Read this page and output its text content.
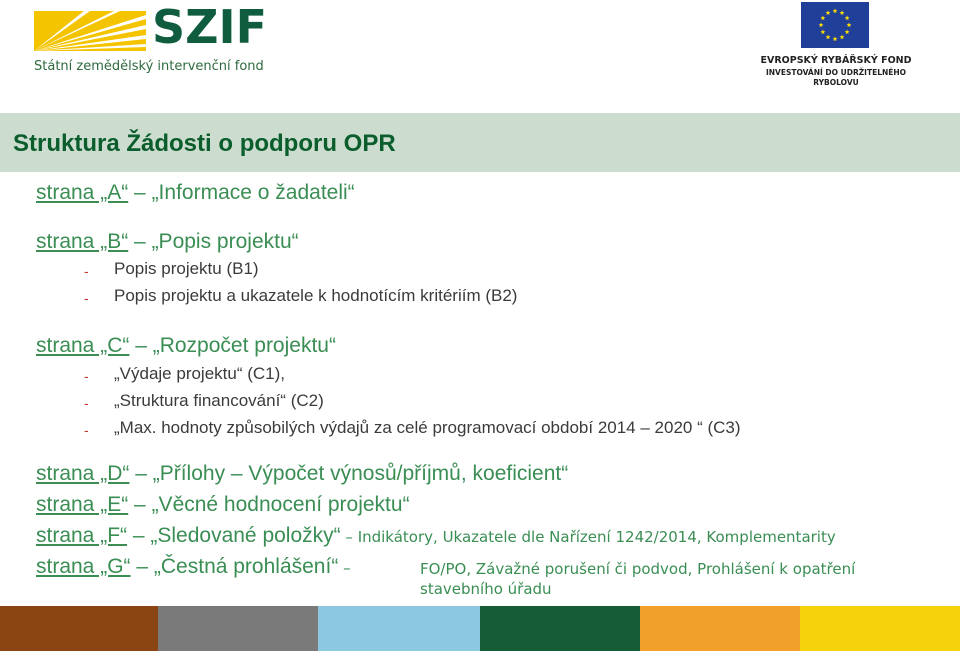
SZIF
Státní zemědělský intervenční fond	EVROPSKÝ RYBÁŘSKÝ FOND
INVESTOVÁNÍ DO UDRŽITELNÉHO
RYBOLOVU
Struktura Žádosti o podporu OPR
strana „A“ – „Informace o žadateli“
strana „B“ – „Popis projektu“
- Popis projektu (B1)
- Popis projektu a ukazatele k hodnotícím kritériím (B2)
strana „C“ – „Rozpočet projektu“
- „Výdaje projektu“ (C1),
- „Struktura financování“ (C2)
- „Max. hodnoty způsobilých výdajů za celé programovací období 2014 – 2020 “ (C3)
strana „D“ – „Přílohy – Výpočet výnosů/příjmů, koeficient“
strana „E“ – „Věcné hodnocení projektu“
strana „F“ – „Sledované položky“ – Indikátory, Ukazatele dle Nařízení 1242/2014, Komplementarity
strana „G“ – „Čestná prohlášení“ –	FO/PO, Závažné porušení či podvod, Prohlášení k opatření
stavebního úřadu
